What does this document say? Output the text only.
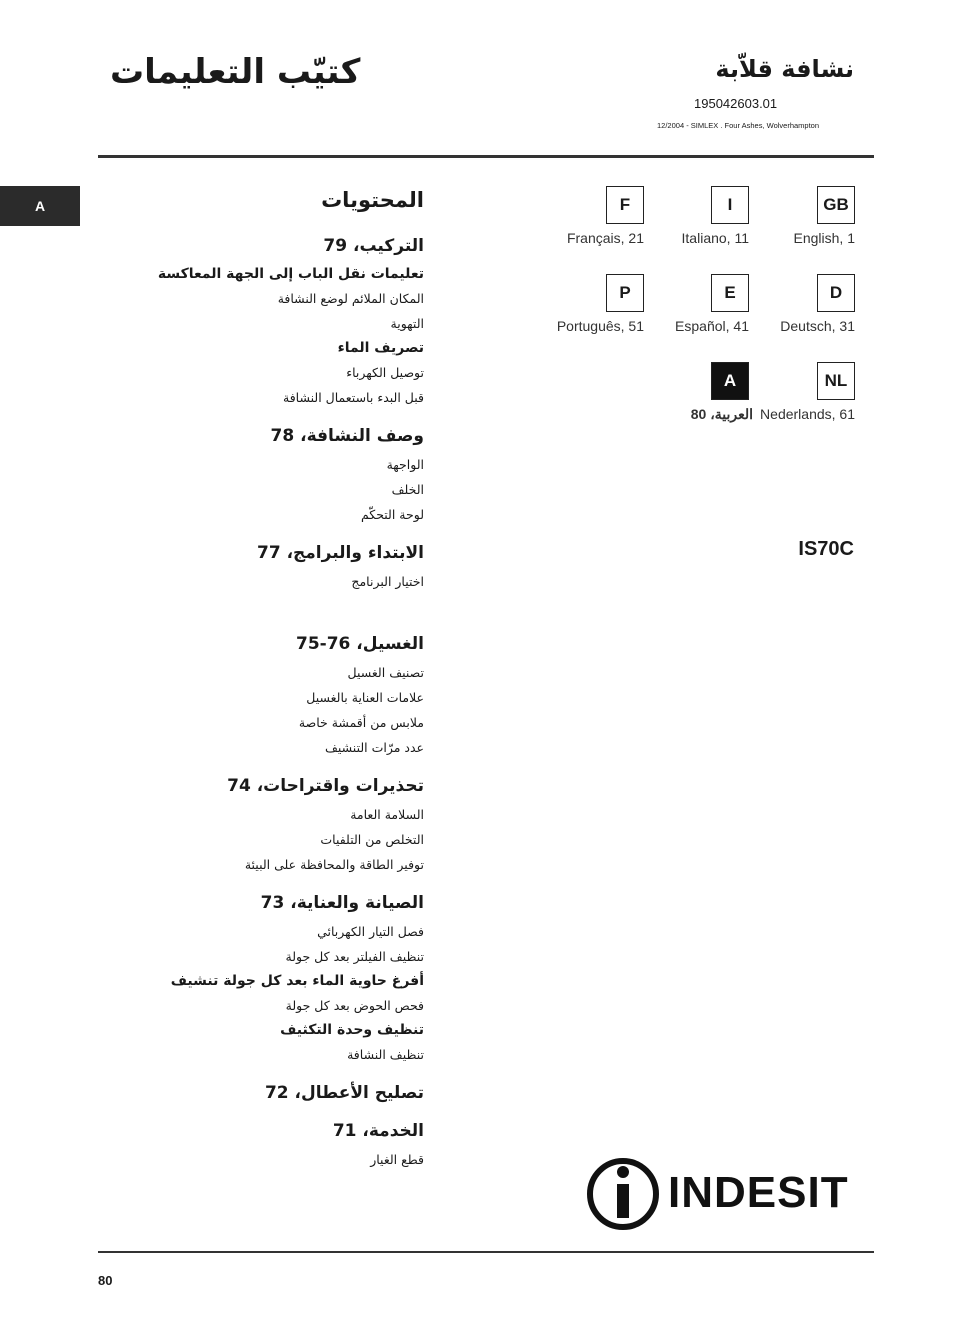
كتيّب التعليمات	نشافة قلاّبة
195042603.01
12/2004 - SIMLEX . Four Ashes, Wolverhampton
A	المحتويات
التركيب، 79
تعليمات نقل الباب إلى الجهة المعاكسة
المكان الملائم لوضع النشافة
التهوية
تصريف الماء
توصيل الكهرباء
قبل البدء باستعمال النشافة
وصف النشافة، 78
الواجهة
الخلف
لوحة التحكّم
الابتداء والبرامج، 77
اختيار البرنامج
الغسيل، 76-75
تصنيف الغسيل
علامات العناية بالغسيل
ملابس من أقمشة خاصة
عدد مرّات التنشيف
تحذيرات واقتراحات، 74
السلامة العامة
التخلص من التلفيات
توفير الطاقة والمحافظة على البيئة
الصيانة والعناية، 73
فصل التيار الكهربائي
تنظيف الفيلتر بعد كل جولة
أفرغ حاوية الماء بعد كل جولة تنشيف
فحص الحوض بعد كل جولة
تنظيف وحدة التكثيف
تنظيف النشافة
تصليح الأعطال، 72
الخدمة، 71
قطع الغيار
F
Français, 21
I
Italiano, 11
GB
English, 1
P
Português, 51
E
Español, 41
D
Deutsch, 31
A
80 ،العربية
NL
Nederlands, 61
IS70C
INDESIT
80
